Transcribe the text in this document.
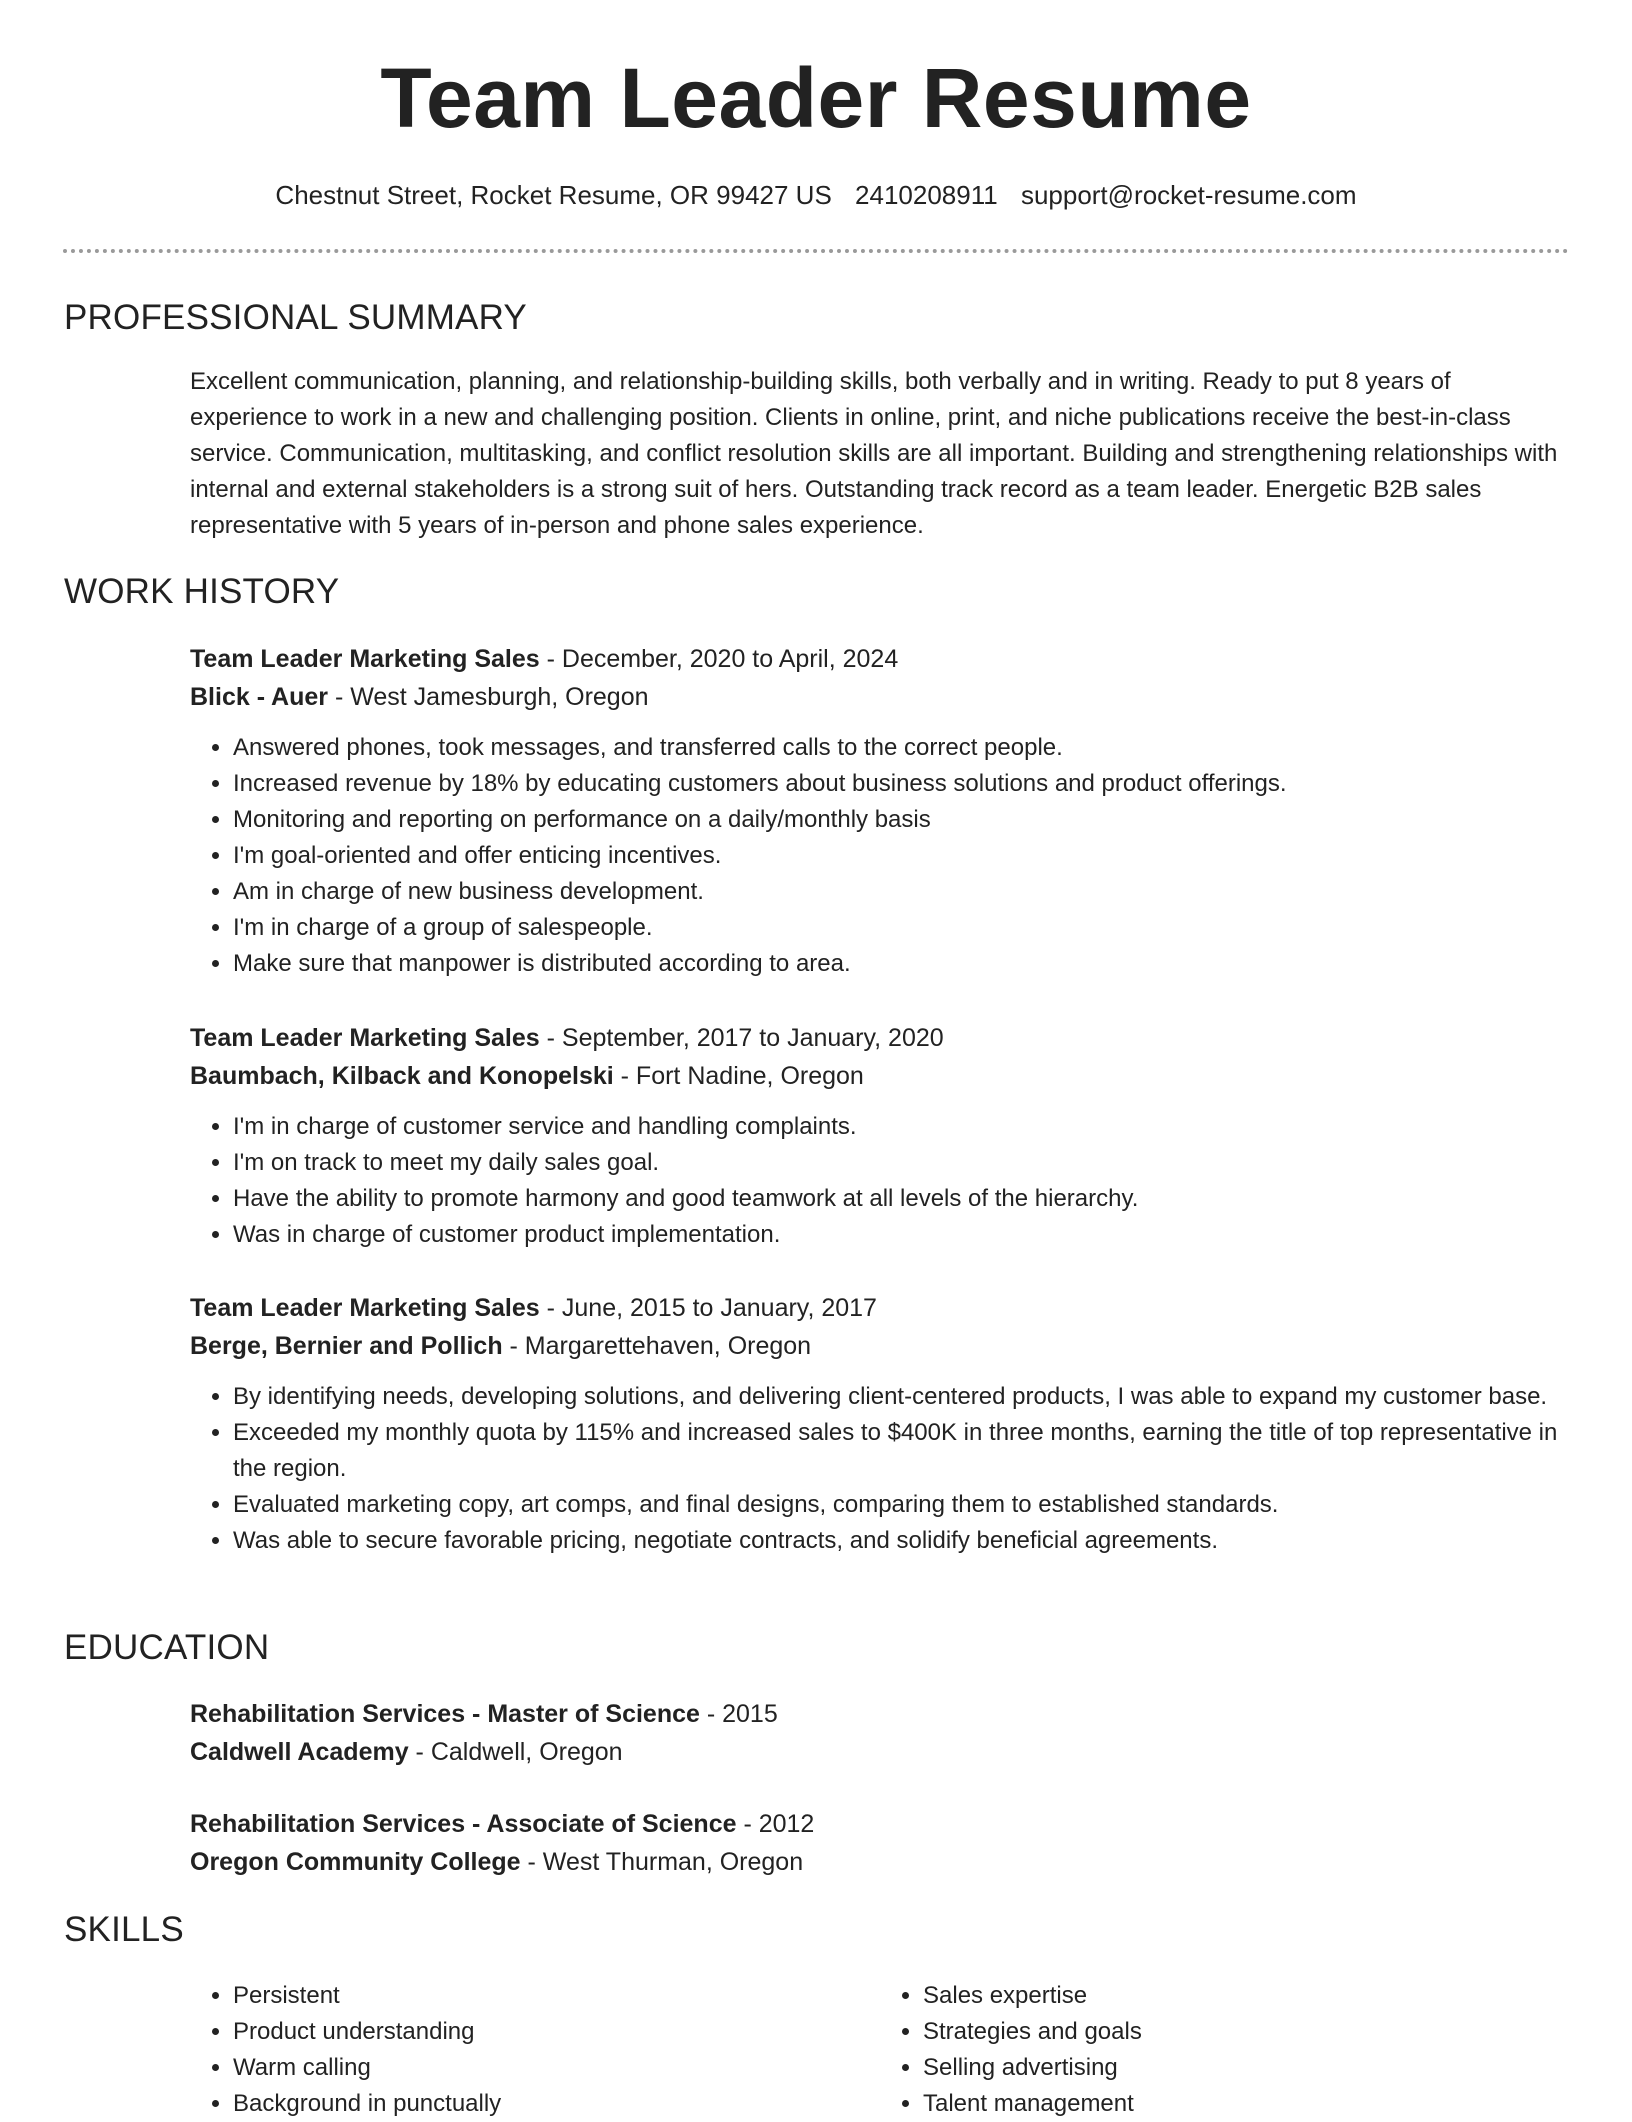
Team Leader Resume
Chestnut Street, Rocket Resume, OR 99427 US 2410208911 support@rocket-resume.com
PROFESSIONAL SUMMARY

Excellent communication, planning, and relationship-building skills, both verbally and in writing. Ready to put 8 years of experience to work in a new and challenging position. Clients in online, print, and niche publications receive the best-in-class service. Communication, multitasking, and conflict resolution skills are all important. Building and strengthening relationships with internal and external stakeholders is a strong suit of hers. Outstanding track record as a team leader. Energetic B2B sales representative with 5 years of in-person and phone sales experience.

WORK HISTORY
Team Leader Marketing Sales - December, 2020 to April, 2024
Blick - Auer - West Jamesburgh, Oregon
• Answered phones, took messages, and transferred calls to the correct people.
• Increased revenue by 18% by educating customers about business solutions and product offerings.
• Monitoring and reporting on performance on a daily/monthly basis
• I'm goal-oriented and offer enticing incentives.
• Am in charge of new business development.
• I'm in charge of a group of salespeople.
• Make sure that manpower is distributed according to area.
Team Leader Marketing Sales - September, 2017 to January, 2020
Baumbach, Kilback and Konopelski - Fort Nadine, Oregon
• I'm in charge of customer service and handling complaints.
• I'm on track to meet my daily sales goal.
• Have the ability to promote harmony and good teamwork at all levels of the hierarchy.
• Was in charge of customer product implementation.
Team Leader Marketing Sales - June, 2015 to January, 2017
Berge, Bernier and Pollich - Margarettehaven, Oregon
• By identifying needs, developing solutions, and delivering client-centered products, I was able to expand my customer base.
• Exceeded my monthly quota by 115% and increased sales to $400K in three months, earning the title of top representative in the region.
• Evaluated marketing copy, art comps, and final designs, comparing them to established standards.
• Was able to secure favorable pricing, negotiate contracts, and solidify beneficial agreements.
EDUCATION
Rehabilitation Services - Master of Science - 2015
Caldwell Academy - Caldwell, Oregon
Rehabilitation Services - Associate of Science - 2012
Oregon Community College - West Thurman, Oregon
SKILLS
• Persistent
• Product understanding
• Warm calling
• Background in punctually
• Sales expertise
• Strategies and goals
• Selling advertising
• Talent management
